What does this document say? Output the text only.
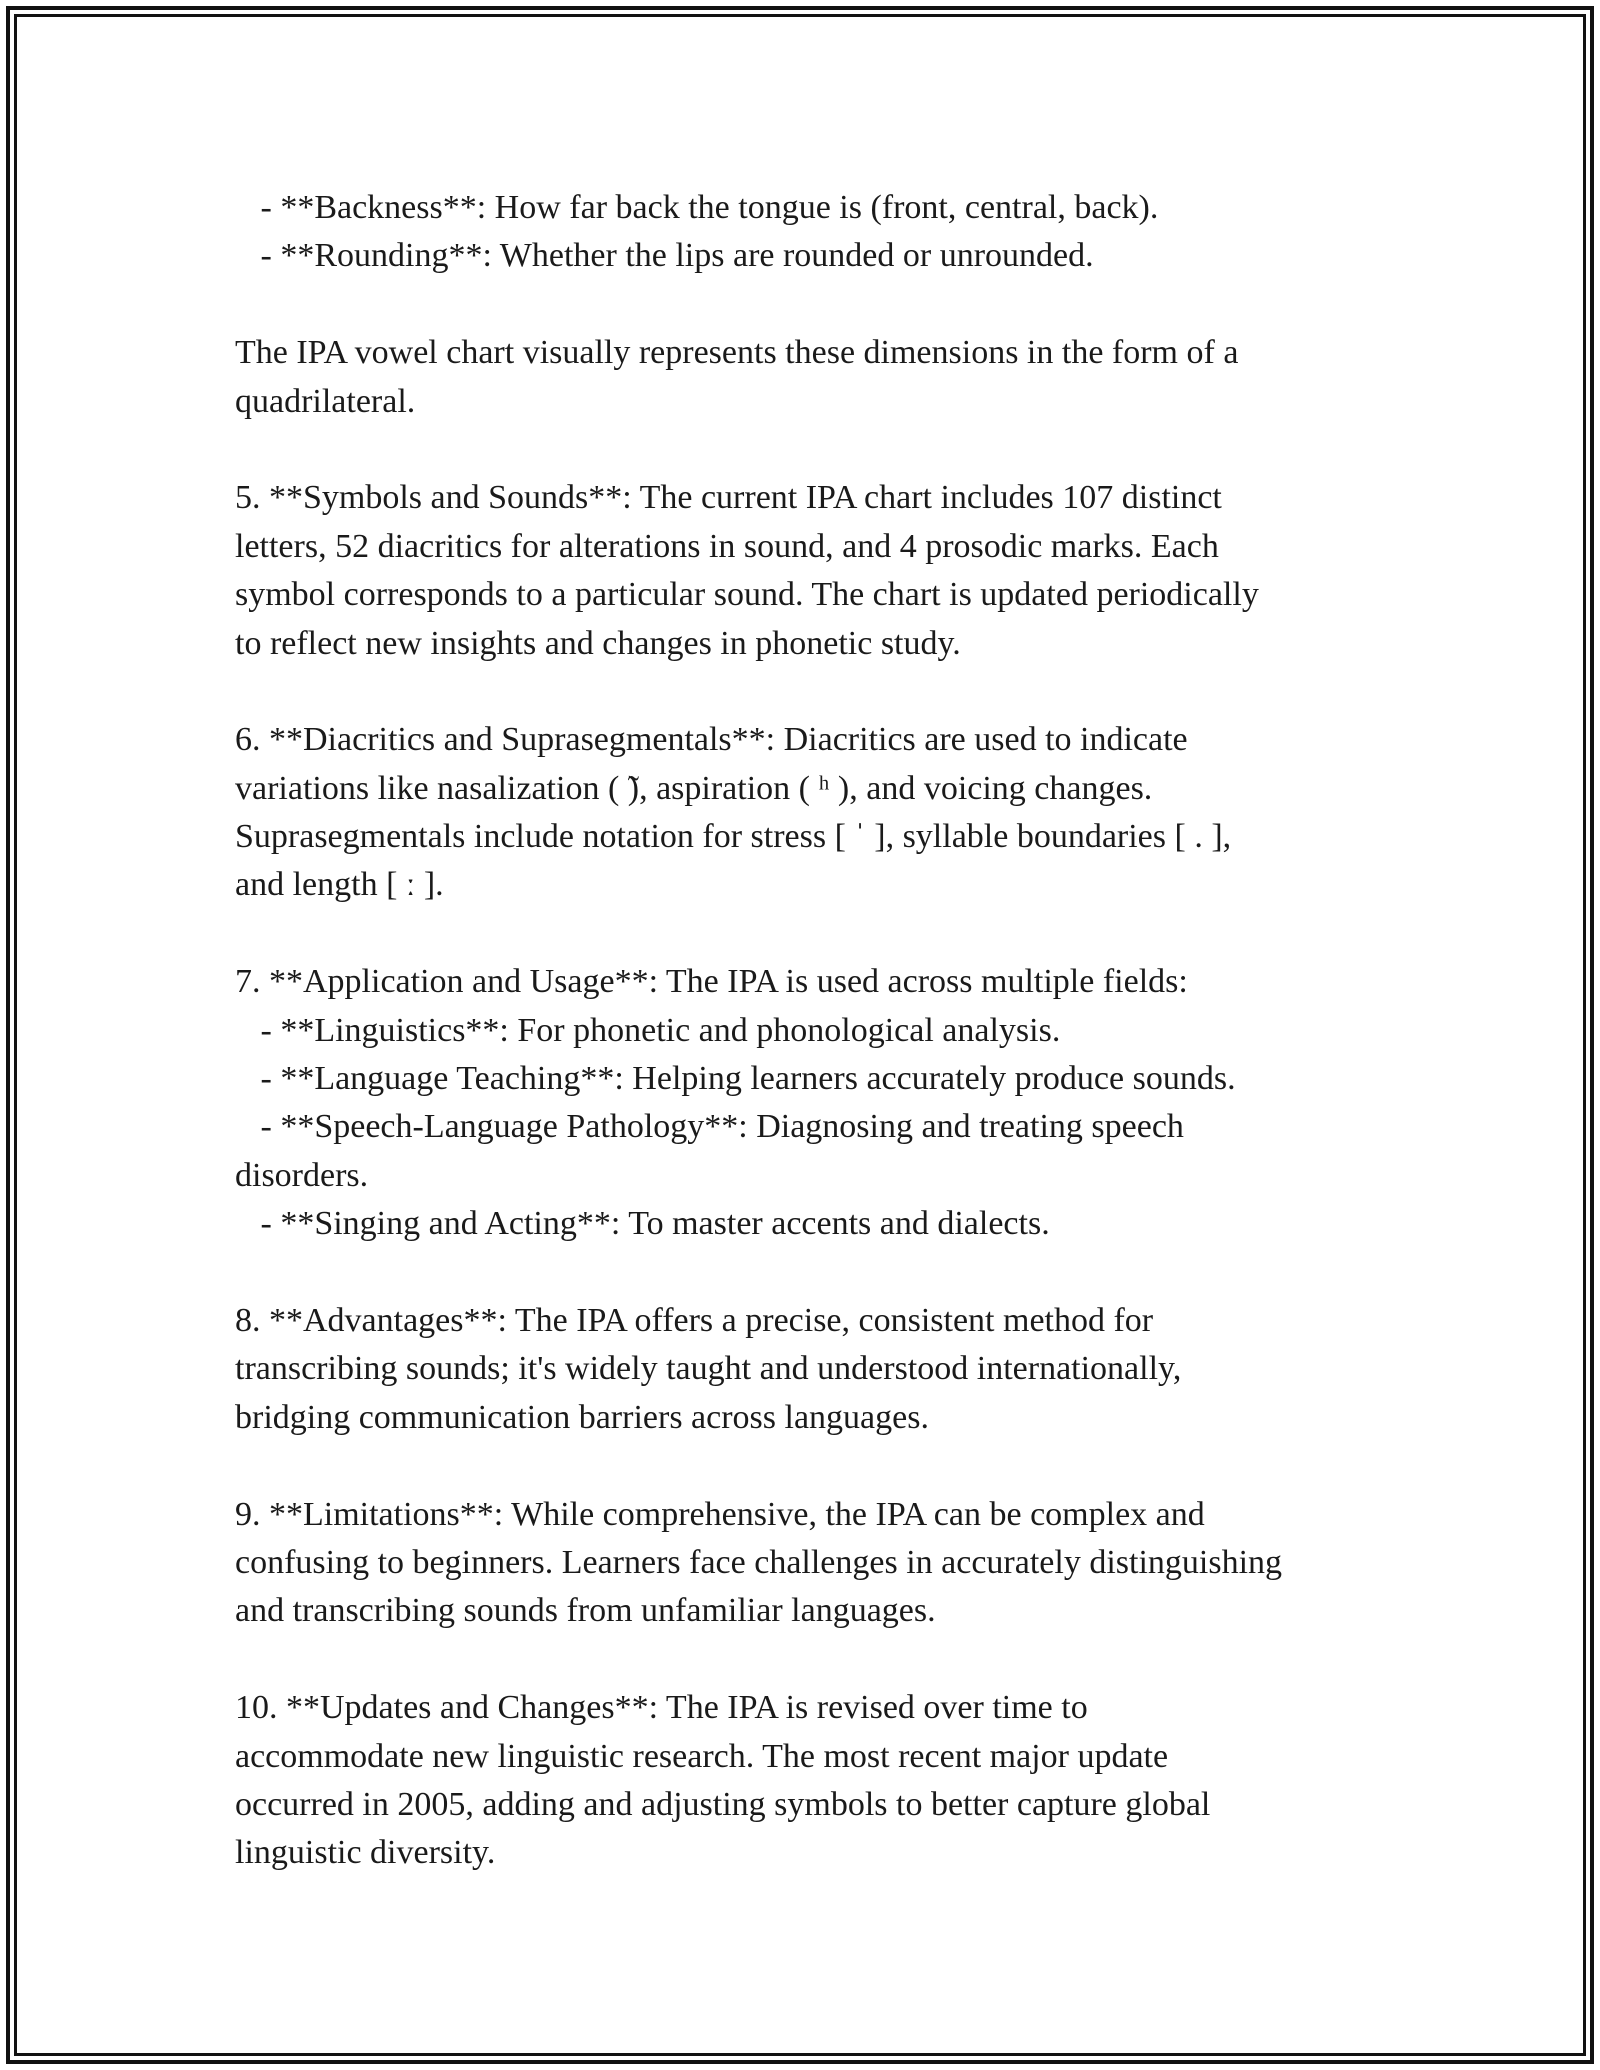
- **Backness**: How far back the tongue is (front, central, back).
- **Rounding**: Whether the lips are rounded or unrounded.
The IPA vowel chart visually represents these dimensions in the form of a
quadrilateral.
5. **Symbols and Sounds**: The current IPA chart includes 107 distinct
letters, 52 diacritics for alterations in sound, and 4 prosodic marks. Each
symbol corresponds to a particular sound. The chart is updated periodically
to reflect new insights and changes in phonetic study.
6. **Diacritics and Suprasegmentals**: Diacritics are used to indicate
variations like nasalization ( ̃), aspiration ( ʰ ), and voicing changes.
Suprasegmentals include notation for stress [ ˈ ], syllable boundaries [ . ],
and length [ ː ].
7. **Application and Usage**: The IPA is used across multiple fields:
- **Linguistics**: For phonetic and phonological analysis.
- **Language Teaching**: Helping learners accurately produce sounds.
- **Speech-Language Pathology**: Diagnosing and treating speech
disorders.
- **Singing and Acting**: To master accents and dialects.
8. **Advantages**: The IPA offers a precise, consistent method for
transcribing sounds; it's widely taught and understood internationally,
bridging communication barriers across languages.
9. **Limitations**: While comprehensive, the IPA can be complex and
confusing to beginners. Learners face challenges in accurately distinguishing
and transcribing sounds from unfamiliar languages.
10. **Updates and Changes**: The IPA is revised over time to
accommodate new linguistic research. The most recent major update
occurred in 2005, adding and adjusting symbols to better capture global
linguistic diversity.
